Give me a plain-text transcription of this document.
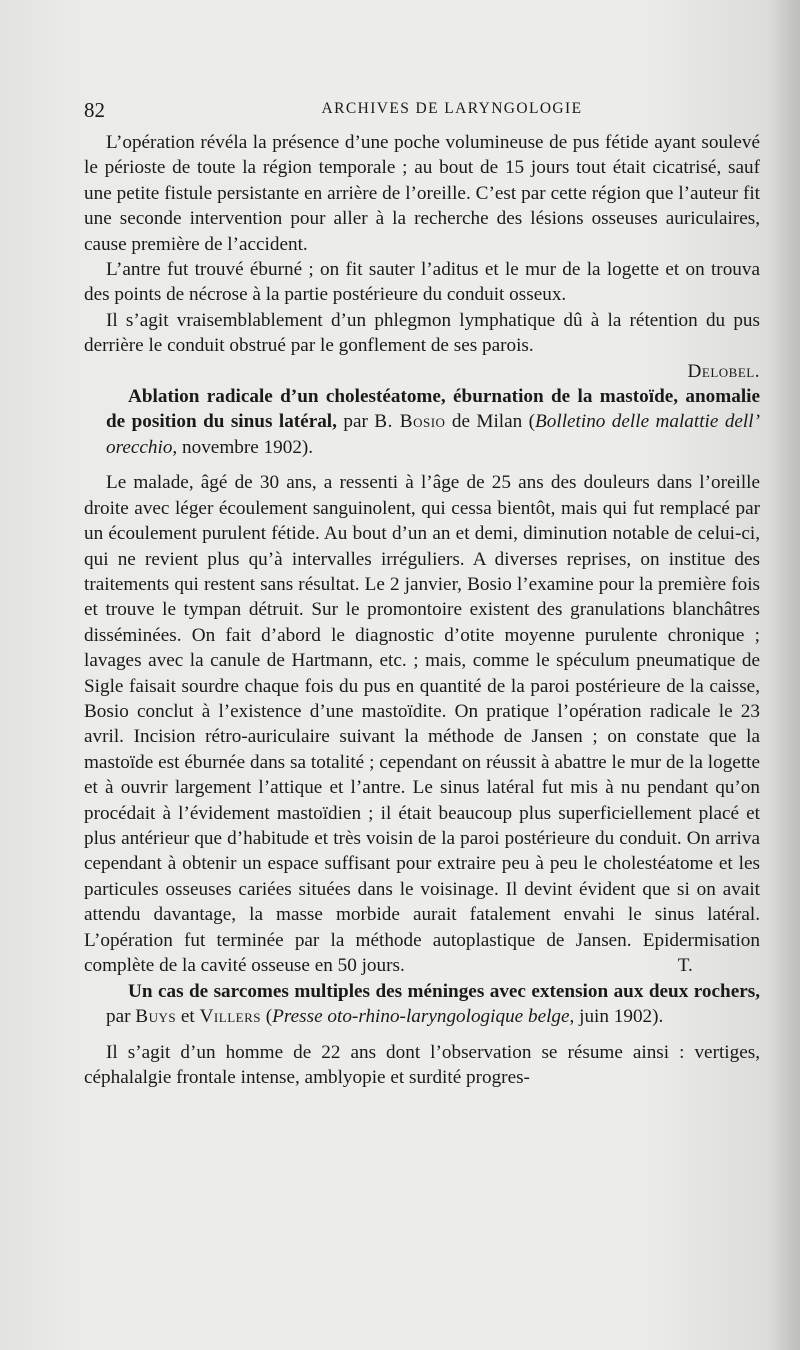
82	ARCHIVES DE LARYNGOLOGIE

L’opération révéla la présence d’une poche volumineuse de pus fétide ayant soulevé le périoste de toute la région temporale ; au bout de 15 jours tout était cicatrisé, sauf une petite fistule persistante en arrière de l’oreille. C’est par cette région que l’auteur fit une seconde intervention pour aller à la recherche des lésions osseuses auriculaires, cause première de l’accident.

L’antre fut trouvé éburné ; on fit sauter l’aditus et le mur de la logette et on trouva des points de nécrose à la partie postérieure du conduit osseux.

Il s’agit vraisemblablement d’un phlegmon lymphatique dû à la rétention du pus derrière le conduit obstrué par le gonflement de ses parois.

Delobel.

Ablation radicale d’un cholestéatome, éburnation de la mastoïde, anomalie de position du sinus latéral, par B. Bosio de Milan (Bolletino delle malattie dell’ orecchio, novembre 1902).

Le malade, âgé de 30 ans, a ressenti à l’âge de 25 ans des douleurs dans l’oreille droite avec léger écoulement sanguinolent, qui cessa bientôt, mais qui fut remplacé par un écoulement purulent fétide. Au bout d’un an et demi, diminution notable de celui-ci, qui ne revient plus qu’à intervalles irréguliers. A diverses reprises, on institue des traitements qui restent sans résultat. Le 2 janvier, Bosio l’examine pour la première fois et trouve le tympan détruit. Sur le promontoire existent des granulations blanchâtres disséminées. On fait d’abord le diagnostic d’otite moyenne purulente chronique ; lavages avec la canule de Hartmann, etc. ; mais, comme le spéculum pneumatique de Sigle faisait sourdre chaque fois du pus en quantité de la paroi postérieure de la caisse, Bosio conclut à l’existence d’une mastoïdite. On pratique l’opération radicale le 23 avril. Incision rétro-auriculaire suivant la méthode de Jansen ; on constate que la mastoïde est éburnée dans sa totalité ; cependant on réussit à abattre le mur de la logette et à ouvrir largement l’attique et l’antre. Le sinus latéral fut mis à nu pendant qu’on procédait à l’évidement mastoïdien ; il était beaucoup plus superficiellement placé et plus antérieur que d’habitude et très voisin de la paroi postérieure du conduit. On arriva cependant à obtenir un espace suffisant pour extraire peu à peu le cholestéatome et les particules osseuses cariées situées dans le voisinage. Il devint évident que si on avait attendu davantage, la masse morbide aurait fatalement envahi le sinus latéral. L’opération fut terminée par la méthode autoplastique de Jansen. Epidermisation complète de la cavité osseuse en 50 jours.	T.

Un cas de sarcomes multiples des méninges avec extension aux deux rochers, par Buys et Villers (Presse oto-rhino-laryngologique belge, juin 1902).

Il s’agit d’un homme de 22 ans dont l’observation se résume ainsi : vertiges, céphalalgie frontale intense, amblyopie et surdité progres-
